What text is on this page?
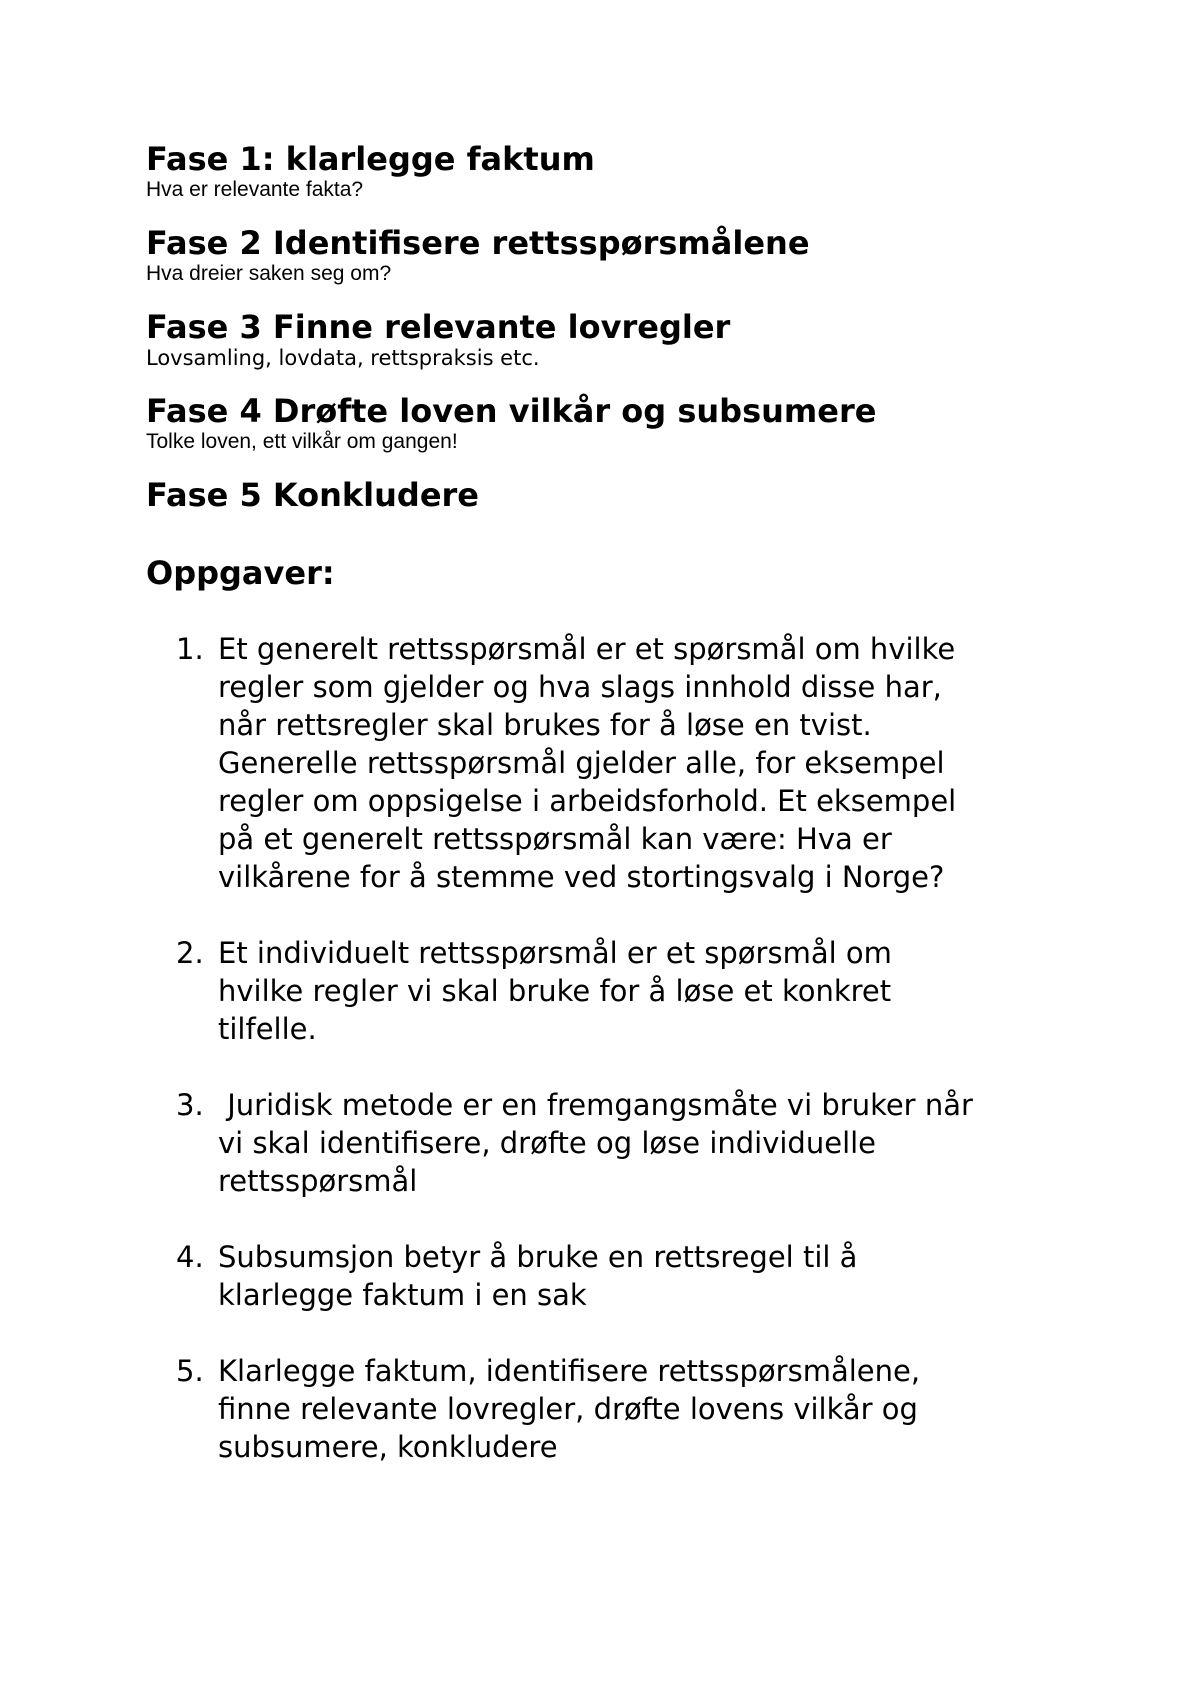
Fase 1: klarlegge faktum
Hva er relevante fakta?
Fase 2 Identifisere rettsspørsmålene
Hva dreier saken seg om?
Fase 3 Finne relevante lovregler
Lovsamling, lovdata, rettspraksis etc.
Fase 4 Drøfte loven vilkår og subsumere
Tolke loven, ett vilkår om gangen!
Fase 5 Konkludere
Oppgaver:
1. Et generelt rettsspørsmål er et spørsmål om hvilke
regler som gjelder og hva slags innhold disse har,
når rettsregler skal brukes for å løse en tvist.
Generelle rettsspørsmål gjelder alle, for eksempel
regler om oppsigelse i arbeidsforhold. Et eksempel
på et generelt rettsspørsmål kan være: Hva er
vilkårene for å stemme ved stortingsvalg i Norge?
2. Et individuelt rettsspørsmål er et spørsmål om
hvilke regler vi skal bruke for å løse et konkret
tilfelle.
3. Juridisk metode er en fremgangsmåte vi bruker når
vi skal identifisere, drøfte og løse individuelle
rettsspørsmål
4. Subsumsjon betyr å bruke en rettsregel til å
klarlegge faktum i en sak
5. Klarlegge faktum, identifisere rettsspørsmålene,
finne relevante lovregler, drøfte lovens vilkår og
subsumere, konkludere
